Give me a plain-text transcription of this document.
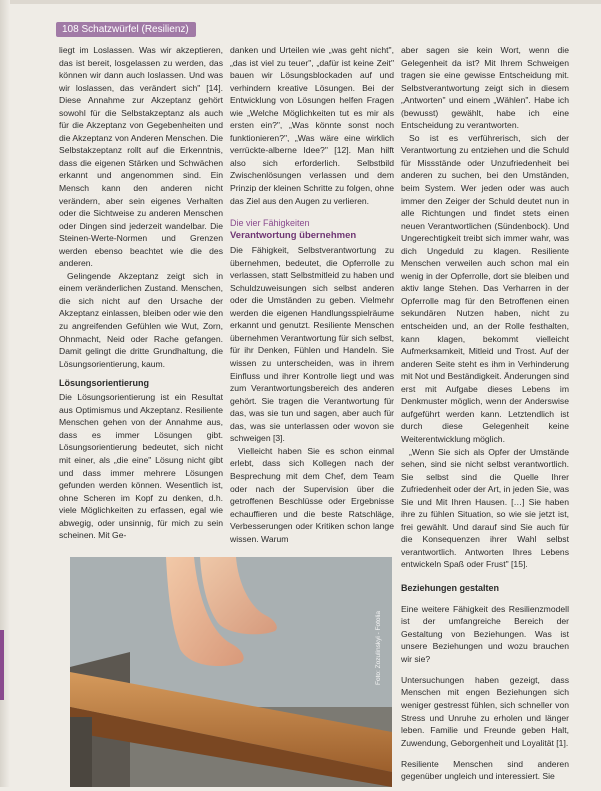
108 Schatzwürfel (Resilienz)

liegt im Loslassen. Was wir akzeptieren, das ist bereit, losgelassen zu werden, das können wir dann auch loslassen. Und was wir loslassen, das verändert sich" [14]. Diese Annahme zur Akzeptanz gehört sowohl für die Selbstakzeptanz als auch für die Akzeptanz von Gegebenheiten und die Akzeptanz von Anderen Menschen. Die Selbstakzeptanz rollt auf die Erkenntnis, dass die eigenen Stärken und Schwächen erkannt und angenommen sind. Ein Mensch kann den anderen nicht verändern, aber sein eigenes Verhalten oder die Sichtweise zu anderen Menschen oder Dingen sind jederzeit wandelbar. Die Steinen-Werte-Normen und Grenzen werden ebenso beachtet wie die des anderen.

Gelingende Akzeptanz zeigt sich in einem veränderlichen Zustand. Menschen, die sich nicht auf den Ursache der Akzeptanz einlassen, bleiben oder wie den zu angreifenden Gefühlen wie Wut, Zorn, Ohnmacht, Neid oder Rache gefangen. Damit gelingt die dritte Grundhaltung, die Lösungsorientierung, kaum.

Lösungsorientierung

Die Lösungsorientierung ist ein Resultat aus Optimismus und Akzeptanz. Resiliente Menschen gehen von der Annahme aus, dass es immer Lösungen gibt. Lösungsorientierung bedeutet, sich nicht mit einer, als „die eine" Lösung nicht gibt und dass immer mehrere Lösungen gefunden werden können. Wesentlich ist, ohne Scheren im Kopf zu denken, d.h. viele Möglichkeiten zu erfassen, egal wie abwegig, oder unsinnig, für mich zu sein scheinen. Mit Ge-

danken und Urteilen wie „was geht nicht", „das ist viel zu teuer", „dafür ist keine Zeit" bauen wir Lösungsblockaden auf und verhindern kreative Lösungen. Bei der Entwicklung von Lösungen helfen Fragen wie „Welche Möglichkeiten tut es mir als ersten ein?", „Was könnte sonst noch funktionieren?", „Was wäre eine wirklich verrückte-alberne Idee?" [12]. Man hilft also sich erforderlich. Selbstbild Zwischenlösungen verlassen und dem Prinzip der kleinen Schritte zu folgen, ohne das Ziel aus den Augen zu verlieren.

Die vier Fähigkeiten
Verantwortung übernehmen

Die Fähigkeit, Selbstverantwortung zu übernehmen, bedeutet, die Opferrolle zu verlassen, statt Selbstmitleid zu haben und Schuldzuweisungen sich selbst anderen oder die Umständen zu geben. Vielmehr werden die eigenen Handlungsspielräume erkannt und genutzt. Resiliente Menschen übernehmen Verantwortung für sich selbst, für ihr Denken, Fühlen und Handeln. Sie wissen zu unterscheiden, was in ihrem Einfluss und ihrer Kontrolle liegt und was zum Verantwortungsbereich des anderen gehört. Sie tragen die Verantwortung für das, was sie tun und sagen, aber auch für das, was sie unterlassen oder wovon sie schweigen [3].

Vielleicht haben Sie es schon einmal erlebt, dass sich Kollegen nach der Besprechung mit dem Chef, dem Team oder nach der Supervision über die getroffenen Beschlüsse oder Ergebnisse echauffieren und die beste Ratschläge, Verbesserungen oder Kritiken schon lange wissen. Warum

aber sagen sie kein Wort, wenn die Gelegenheit da ist? Mit Ihrem Schweigen tragen sie eine gewisse Entscheidung mit. Selbstverantwortung zeigt sich in diesem „Antworten" und einem „Wählen". Habe ich (bewusst) gewählt, habe ich eine Entscheidung zu verantworten.

So ist es verführerisch, sich der Verantwortung zu entziehen und die Schuld für Missstände oder Unzufriedenheit bei anderen zu suchen, bei den Umständen, beim System. Wer jeden oder was auch immer den Zeiger der Schuld deutet nun in alle Richtungen und findet stets einen neuen Verantwortlichen (Sündenbock). Und Ungerechtigkeit treibt sich immer wahr, was dich Ungeduld zu klagen. Resiliente Menschen verweilen auch schon mal ein wenig in der Opferrolle, dort sie bleiben und aktiv lange Stehen. Das Verharren in der Opferrolle mag für den Betroffenen einen sekundären Nutzen haben, nicht zu entscheiden und, an der Rolle festhalten, kann klagen, bekommt vielleicht Aufmerksamkeit, Mitleid und Trost. Auf der anderen Seite steht es ihm in Verhinderung mit Not und Beständigkeit. Änderungen sind erst mit Aufgabe dieses Lebens im Denkmuster möglich, wenn der Anderswise aufgeführt werden kann. Letztendlich ist durch diese Gelegenheit keine Weiterentwicklung möglich.

„Wenn Sie sich als Opfer der Umstände sehen, sind sie nicht selbst verantwortlich. Sie selbst sind die Quelle Ihrer Zufriedenheit oder der Art, in jeden Sie, was Sie und Mit Ihren Hausen. […] Sie haben ihre zu fühlen Situation, so wie sie jetzt ist, frei gewählt. Und darauf sind Sie auch für die Konsequenzen ihrer Wahl selbst verantwortlich. Antworten Ihres Lebens entwickeln Spaß oder Frust" [15].

Beziehungen gestalten

Eine weitere Fähigkeit des Resilienzmodell ist der umfangreiche Bereich der Gestaltung von Beziehungen. Was ist unsere Beziehungen und wozu brauchen wir sie?

Untersuchungen haben gezeigt, dass Menschen mit engen Beziehungen sich weniger gestresst fühlen, sich schneller von Stress und Unruhe zu erholen und länger leben. Familie und Freunde geben Halt, Zuwendung, Geborgenheit und Loyalität [1].

Resiliente Menschen sind anderen gegenüber ungleich und interessiert. Sie

Foto: Zozulinskyi - Fotolia
